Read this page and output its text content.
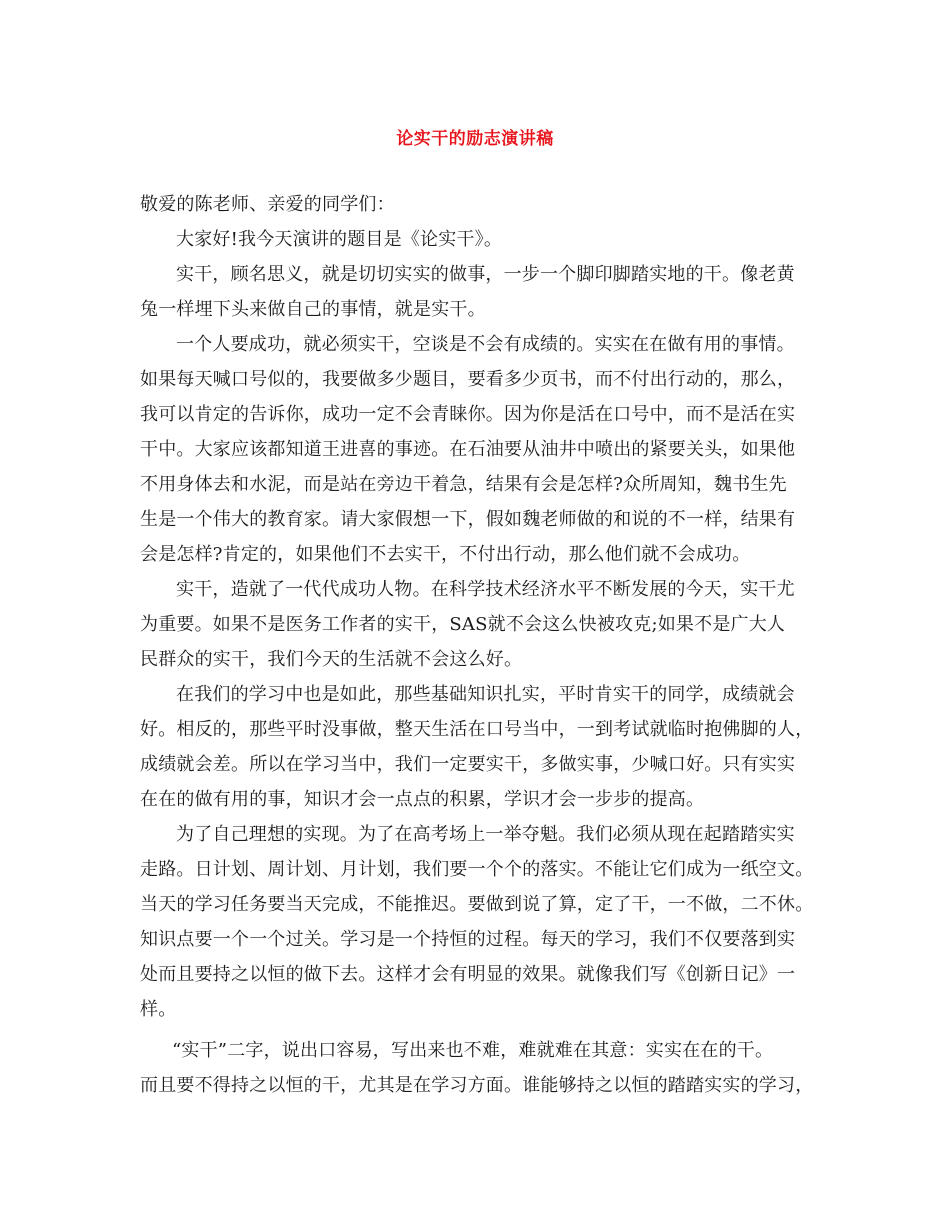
论实干的励志演讲稿
敬爱的陈老师、亲爱的同学们：
大家好!我今天演讲的题目是《论实干》。
实干，顾名思义，就是切切实实的做事，一步一个脚印脚踏实地的干。像老黄
兔一样埋下头来做自己的事情，就是实干。
一个人要成功，就必须实干，空谈是不会有成绩的。实实在在做有用的事情。
如果每天喊口号似的，我要做多少题目，要看多少页书，而不付出行动的，那么，
我可以肯定的告诉你，成功一定不会青睐你。因为你是活在口号中，而不是活在实
干中。大家应该都知道王进喜的事迹。在石油要从油井中喷出的紧要关头，如果他
不用身体去和水泥，而是站在旁边干着急，结果有会是怎样?众所周知，魏书生先
生是一个伟大的教育家。请大家假想一下，假如魏老师做的和说的不一样，结果有
会是怎样?肯定的，如果他们不去实干，不付出行动，那么他们就不会成功。
实干，造就了一代代成功人物。在科学技术经济水平不断发展的今天，实干尤
为重要。如果不是医务工作者的实干，SAS就不会这么快被攻克;如果不是广大人
民群众的实干，我们今天的生活就不会这么好。
在我们的学习中也是如此，那些基础知识扎实，平时肯实干的同学，成绩就会
好。相反的，那些平时没事做，整天生活在口号当中，一到考试就临时抱佛脚的人，
成绩就会差。所以在学习当中，我们一定要实干，多做实事，少喊口好。只有实实
在在的做有用的事，知识才会一点点的积累，学识才会一步步的提高。
为了自己理想的实现。为了在高考场上一举夺魁。我们必须从现在起踏踏实实
走路。日计划、周计划、月计划，我们要一个个的落实。不能让它们成为一纸空文。
当天的学习任务要当天完成，不能推迟。要做到说了算，定了干，一不做，二不休。
知识点要一个一个过关。学习是一个持恒的过程。每天的学习，我们不仅要落到实
处而且要持之以恒的做下去。这样才会有明显的效果。就像我们写《创新日记》一
样。
“实干”二字，说出口容易，写出来也不难，难就难在其意：实实在在的干。
而且要不得持之以恒的干，尤其是在学习方面。谁能够持之以恒的踏踏实实的学习，
